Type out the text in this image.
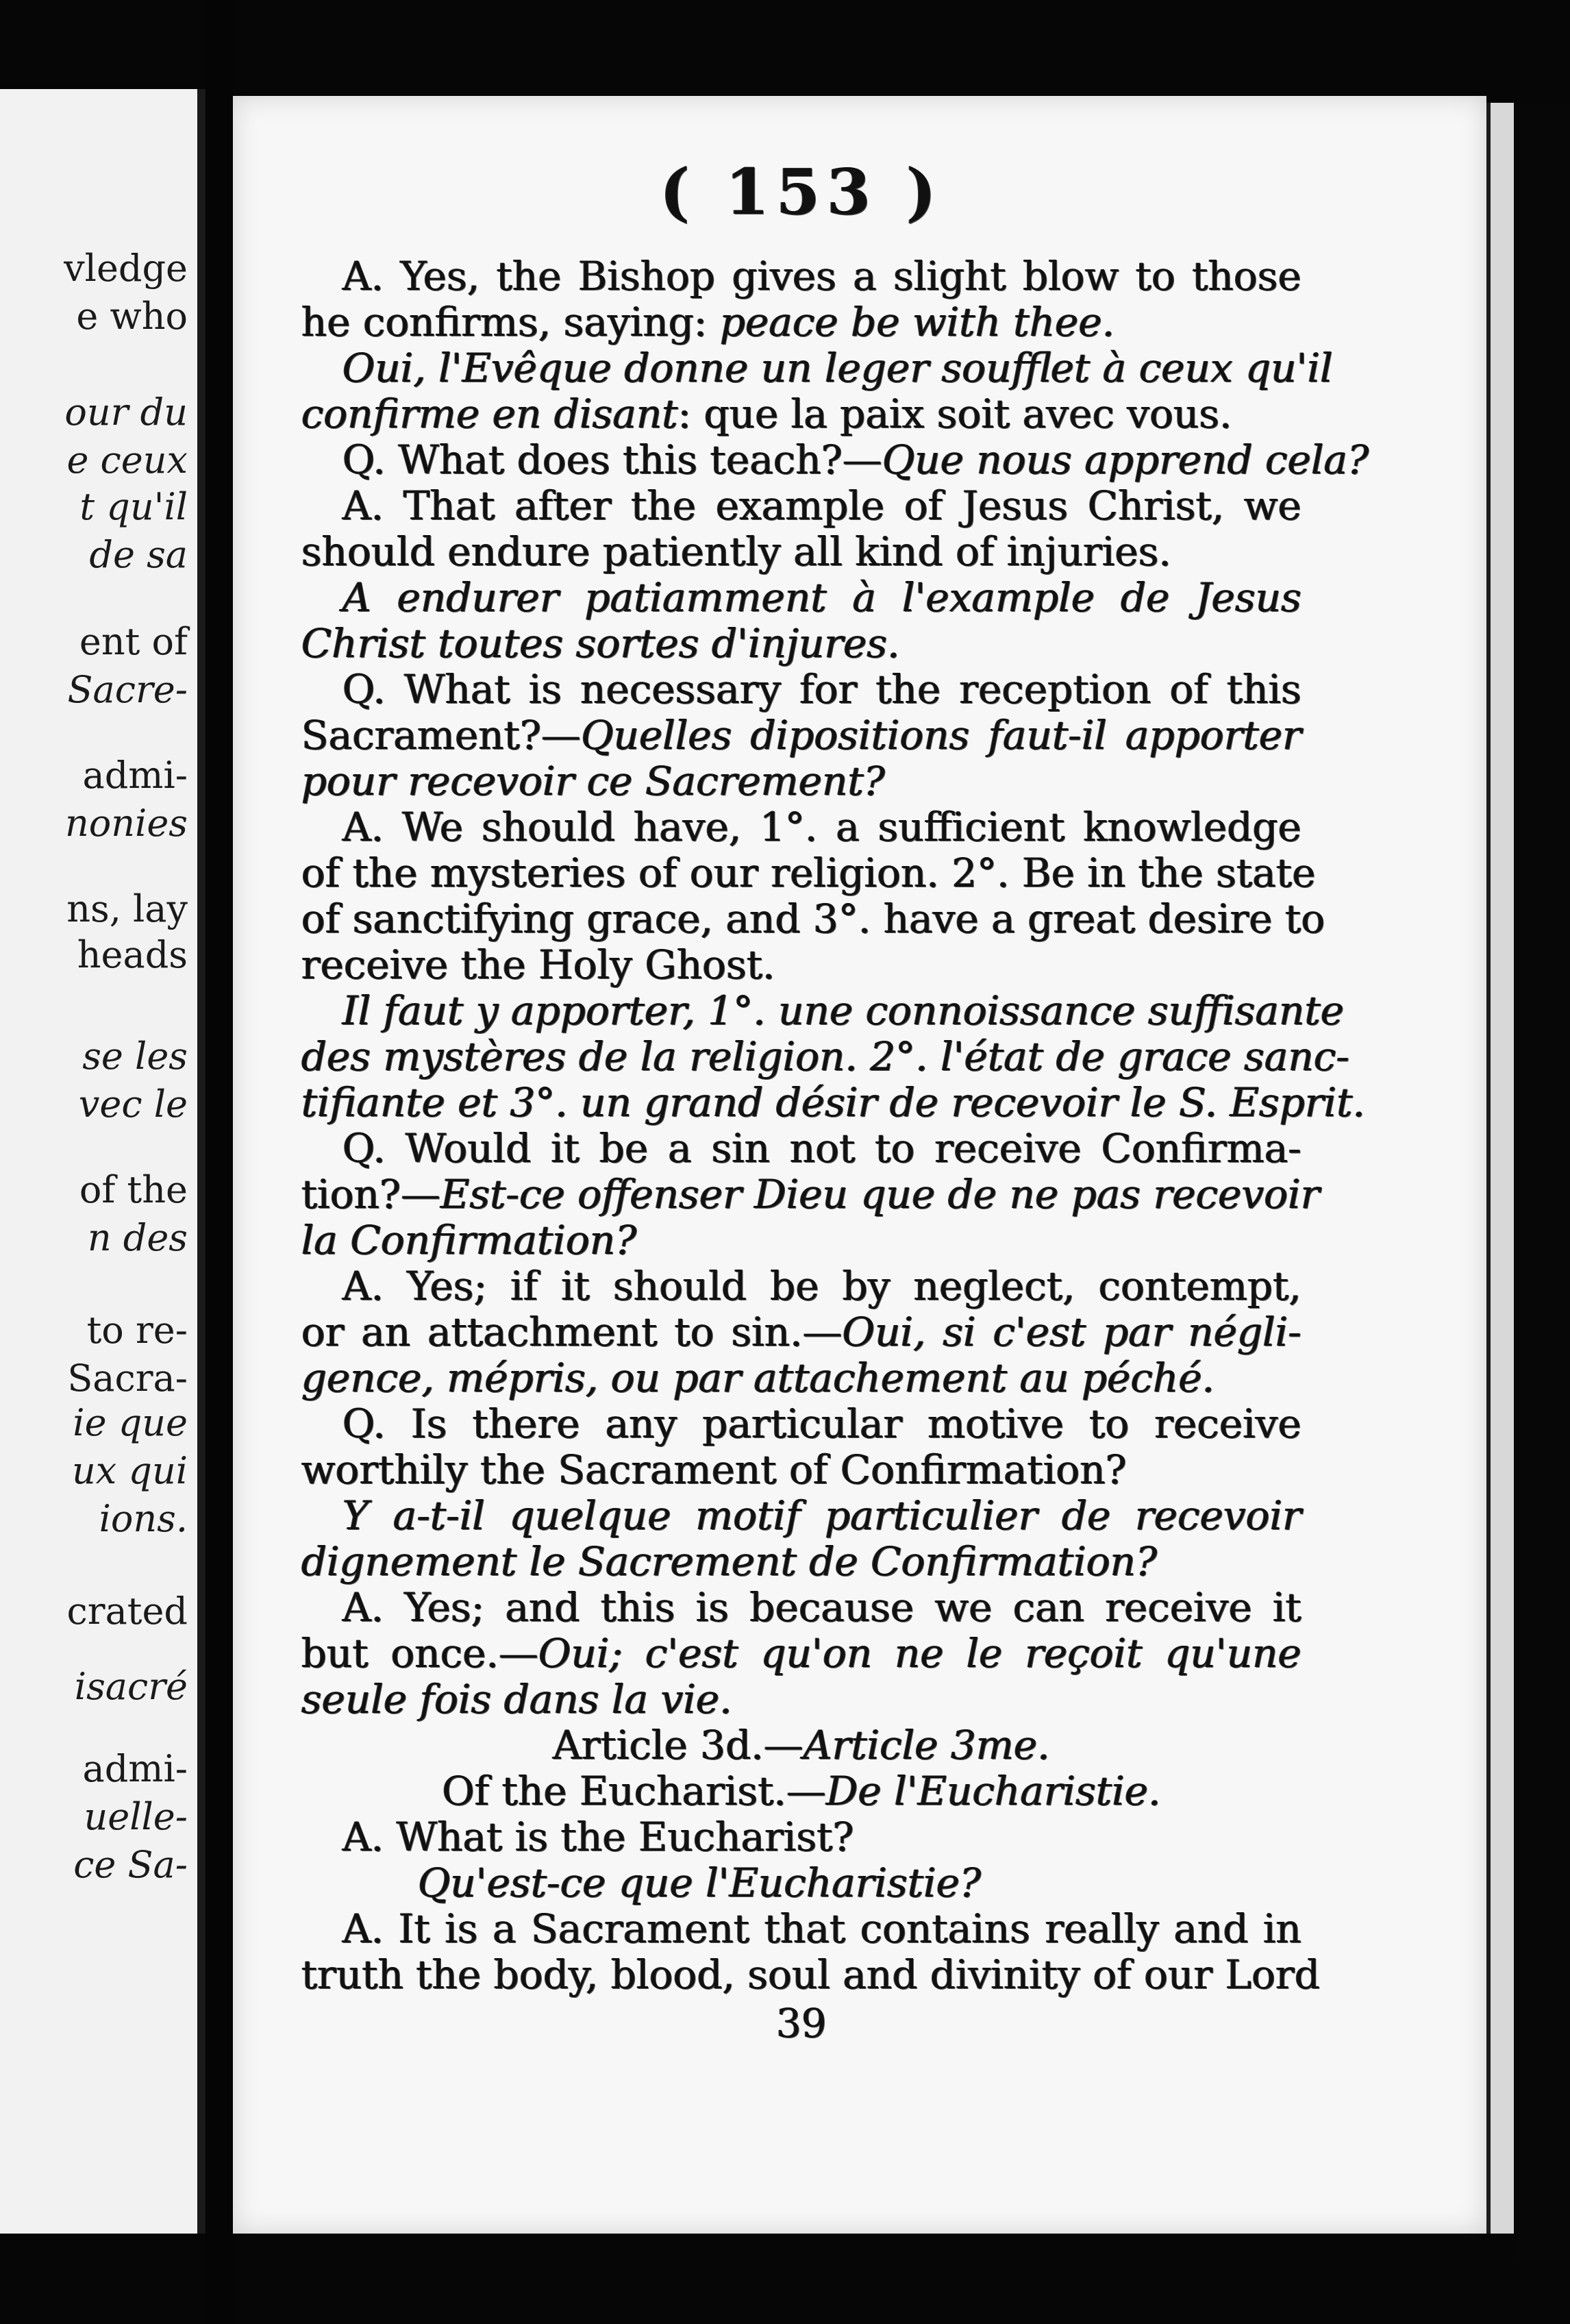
vledge
e who
our du
e ceux
t qu'il
de sa
ent of
Sacre-
admi-
nonies
ns, lay
heads
se les
vec le
of the
n des
to re-
Sacra-
ie que
ux qui
ions.
crated
isacré
admi-
uelle-
ce Sa-
( 153 )
A. Yes, the Bishop gives a slight blow to those
he confirms, saying: peace be with thee.
Oui, l'Evêque donne un leger soufflet à ceux qu'il
confirme en disant: que la paix soit avec vous.
Q. What does this teach?—Que nous apprend cela?
A. That after the example of Jesus Christ, we
should endure patiently all kind of injuries.
A endurer patiamment à l'example de Jesus
Christ toutes sortes d'injures.
Q. What is necessary for the reception of this
Sacrament?—Quelles dipositions faut-il apporter
pour recevoir ce Sacrement?
A. We should have, 1°. a sufficient knowledge
of the mysteries of our religion. 2°. Be in the state
of sanctifying grace, and 3°. have a great desire to
receive the Holy Ghost.
Il faut y apporter, 1°. une connoissance suffisante
des mystères de la religion. 2°. l'état de grace sanc-
tifiante et 3°. un grand désir de recevoir le S. Esprit.
Q. Would it be a sin not to receive Confirma-
tion?—Est-ce offenser Dieu que de ne pas recevoir
la Confirmation?
A. Yes; if it should be by neglect, contempt,
or an attachment to sin.—Oui, si c'est par négli-
gence, mépris, ou par attachement au péché.
Q. Is there any particular motive to receive
worthily the Sacrament of Confirmation?
Y a-t-il quelque motif particulier de recevoir
dignement le Sacrement de Confirmation?
A. Yes; and this is because we can receive it
but once.—Oui; c'est qu'on ne le reçoit qu'une
seule fois dans la vie.
Article 3d.—Article 3me.
Of the Eucharist.—De l'Eucharistie.
A. What is the Eucharist?
Qu'est-ce que l'Eucharistie?
A. It is a Sacrament that contains really and in
truth the body, blood, soul and divinity of our Lord
39
